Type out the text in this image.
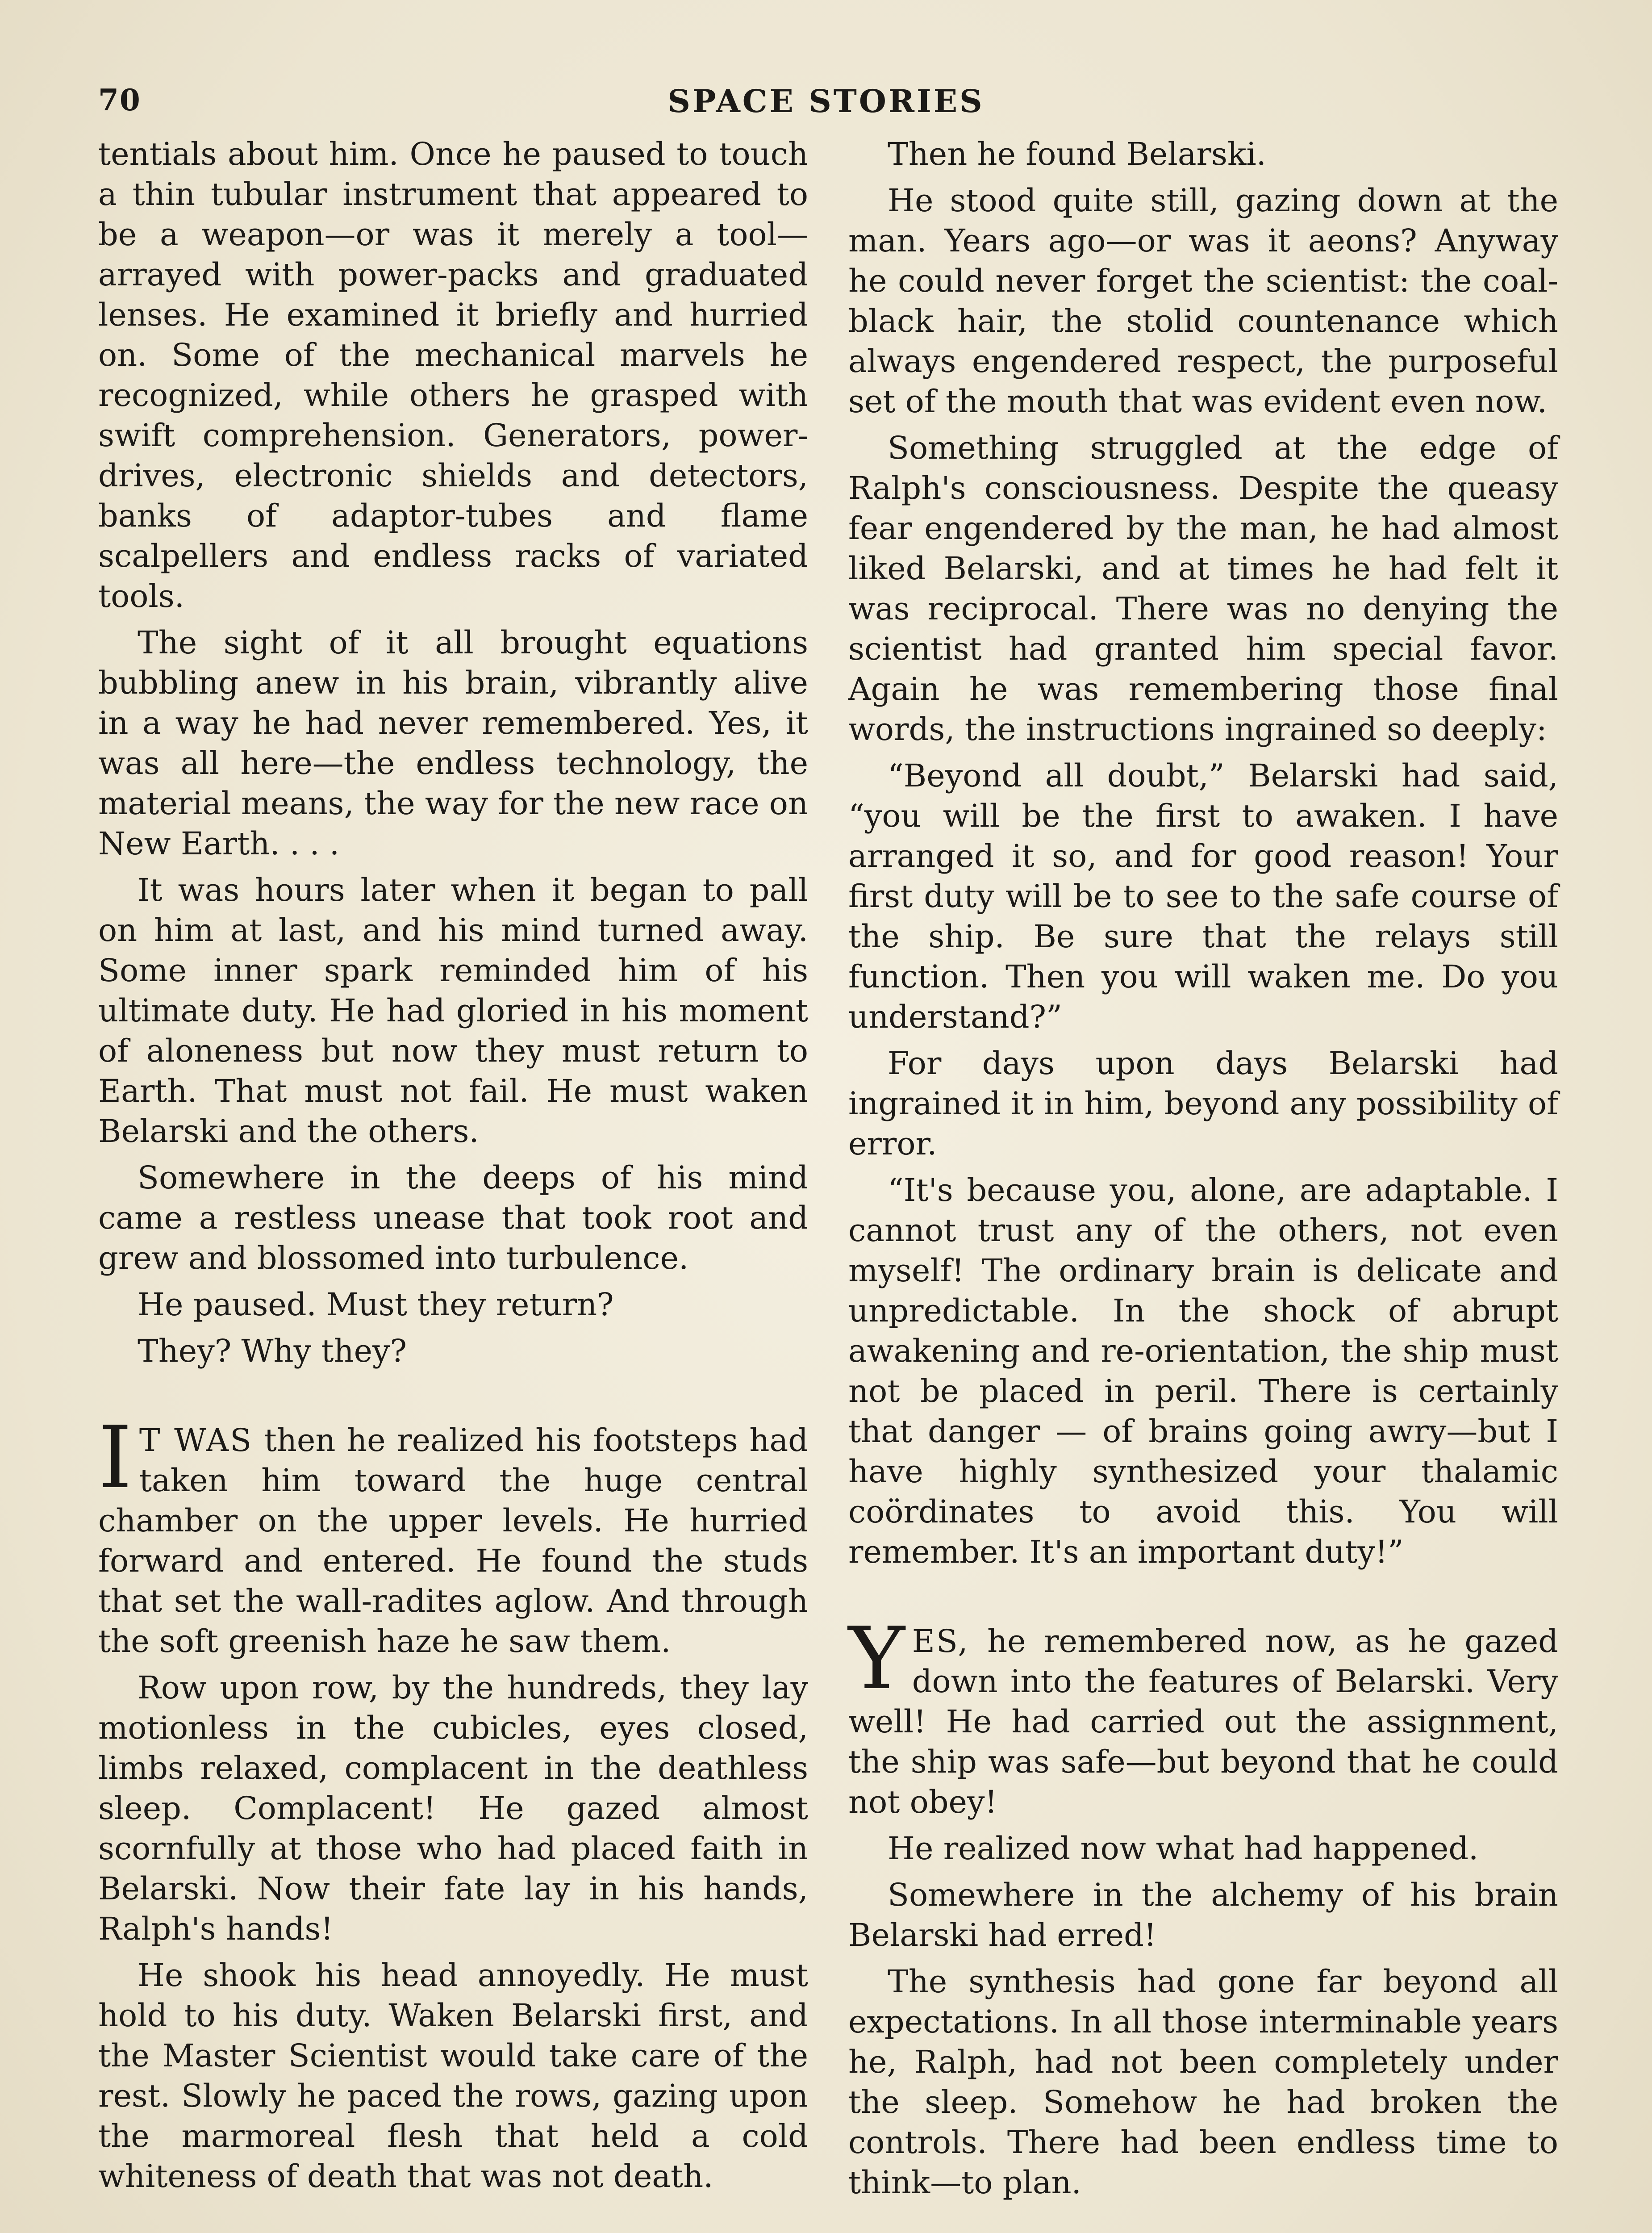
70	SPACE STORIES

tentials about him. Once he paused to touch a thin tubular instrument that appeared to be a weapon—or was it merely a tool—arrayed with power-packs and graduated lenses. He examined it briefly and hurried on. Some of the mechanical marvels he recognized, while others he grasped with swift comprehension. Generators, power-drives, electronic shields and detectors, banks of adaptor-tubes and flame scalpellers and endless racks of variated tools.

The sight of it all brought equations bubbling anew in his brain, vibrantly alive in a way he had never remembered. Yes, it was all here—the endless technology, the material means, the way for the new race on New Earth. . . .

It was hours later when it began to pall on him at last, and his mind turned away. Some inner spark reminded him of his ultimate duty. He had gloried in his moment of aloneness but now they must return to Earth. That must not fail. He must waken Belarski and the others.

Somewhere in the deeps of his mind came a restless unease that took root and grew and blossomed into turbulence.

He paused. Must they return?

They? Why they?

I T WAS then he realized his footsteps had taken him toward the huge central chamber on the upper levels. He hurried forward and entered. He found the studs that set the wall-radites aglow. And through the soft greenish haze he saw them.

Row upon row, by the hundreds, they lay motionless in the cubicles, eyes closed, limbs relaxed, complacent in the deathless sleep. Complacent! He gazed almost scornfully at those who had placed faith in Belarski. Now their fate lay in his hands, Ralph's hands!

He shook his head annoyedly. He must hold to his duty. Waken Belarski first, and the Master Scientist would take care of the rest. Slowly he paced the rows, gazing upon the marmoreal flesh that held a cold whiteness of death that was not death.

Then he found Belarski.

He stood quite still, gazing down at the man. Years ago—or was it aeons? Anyway he could never forget the scientist: the coal-black hair, the stolid countenance which always engendered respect, the purposeful set of the mouth that was evident even now.

Something struggled at the edge of Ralph's consciousness. Despite the queasy fear engendered by the man, he had almost liked Belarski, and at times he had felt it was reciprocal. There was no denying the scientist had granted him special favor. Again he was remembering those final words, the instructions ingrained so deeply:

“Beyond all doubt,” Belarski had said, “you will be the first to awaken. I have arranged it so, and for good reason! Your first duty will be to see to the safe course of the ship. Be sure that the relays still function. Then you will waken me. Do you understand?”

For days upon days Belarski had ingrained it in him, beyond any possibility of error.

“It's because you, alone, are adaptable. I cannot trust any of the others, not even myself! The ordinary brain is delicate and unpredictable. In the shock of abrupt awakening and re-orientation, the ship must not be placed in peril. There is certainly that danger — of brains going awry—but I have highly synthesized your thalamic coördinates to avoid this. You will remember. It's an important duty!”

YES, he remembered now, as he gazed down into the features of Belarski. Very well! He had carried out the assignment, the ship was safe—but beyond that he could not obey!

He realized now what had happened.

Somewhere in the alchemy of his brain Belarski had erred!

The synthesis had gone far beyond all expectations. In all those interminable years he, Ralph, had not been completely under the sleep. Somehow he had broken the controls. There had been endless time to think—to plan.
